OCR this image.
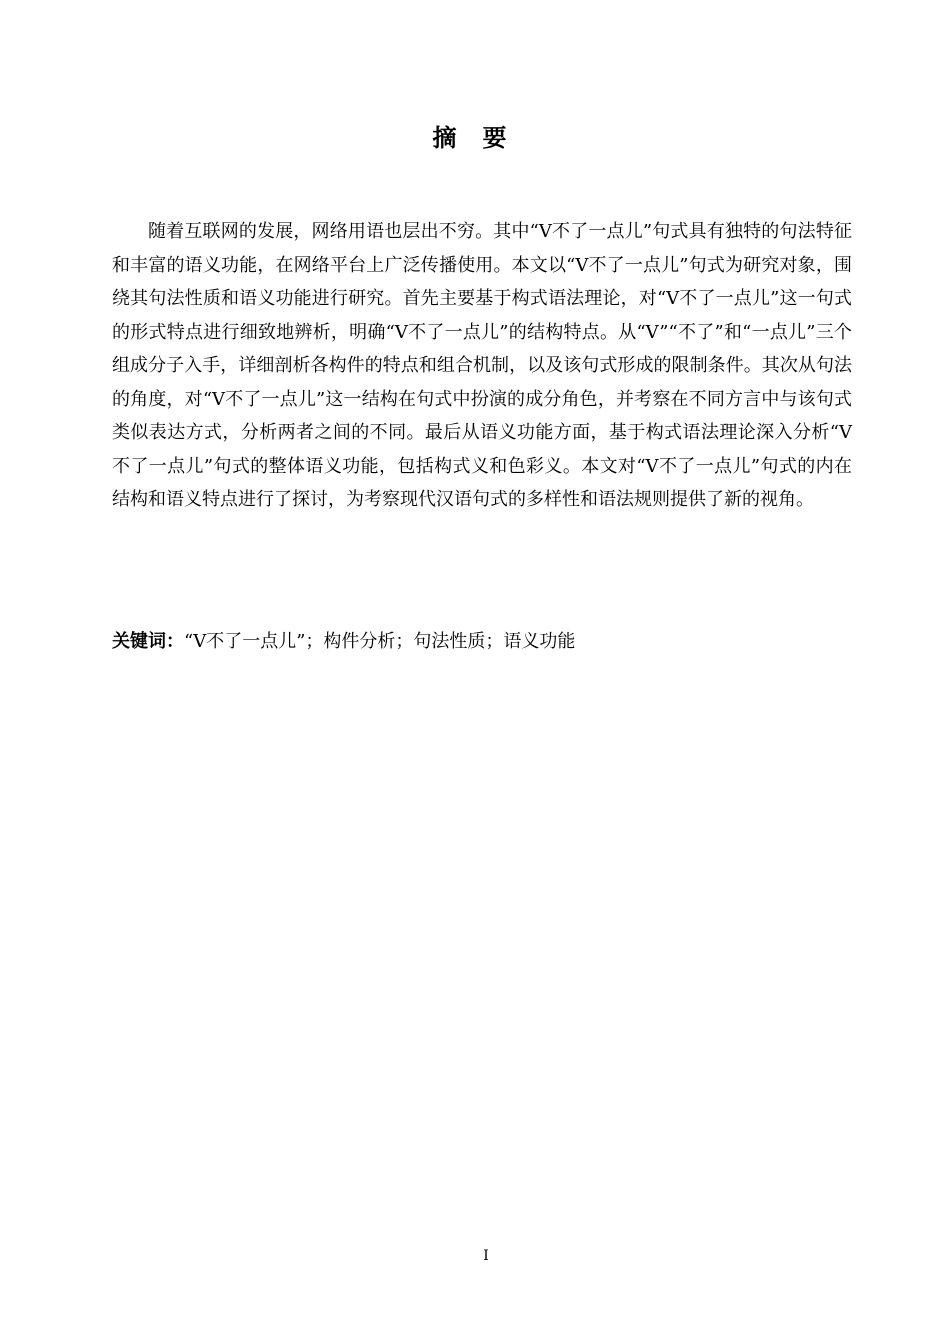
摘要

随着互联网的发展，网络用语也层出不穷。其中“V不了一点儿”句式具有独特的句法特征和丰富的语义功能，在网络平台上广泛传播使用。本文以“V不了一点儿”句式为研究对象，围绕其句法性质和语义功能进行研究。首先主要基于构式语法理论，对“V不了一点儿”这一句式的形式特点进行细致地辨析，明确“V不了一点儿”的结构特点。从“V”“不了”和“一点儿”三个组成分子入手，详细剖析各构件的特点和组合机制，以及该句式形成的限制条件。其次从句法的角度，对“V不了一点儿”这一结构在句式中扮演的成分角色，并考察在不同方言中与该句式类似表达方式，分析两者之间的不同。最后从语义功能方面，基于构式语法理论深入分析“V不了一点儿”句式的整体语义功能，包括构式义和色彩义。本文对“V不了一点儿”句式的内在结构和语义特点进行了探讨，为考察现代汉语句式的多样性和语法规则提供了新的视角。

关键词：“V不了一点儿”；构件分析；句法性质；语义功能

I
